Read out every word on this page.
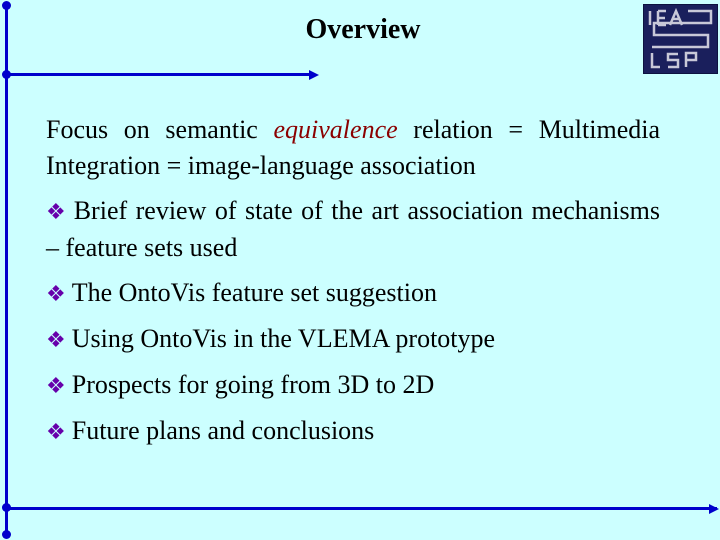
Overview
IEA

Focus on semantic equivalence relation = Multimedia Integration = image-language association

❖ Brief review of state of the art association mechanisms – feature sets used

❖ The OntoVis feature set suggestion

❖ Using OntoVis in the VLEMA prototype

❖ Prospects for going from 3D to 2D

❖ Future plans and conclusions
